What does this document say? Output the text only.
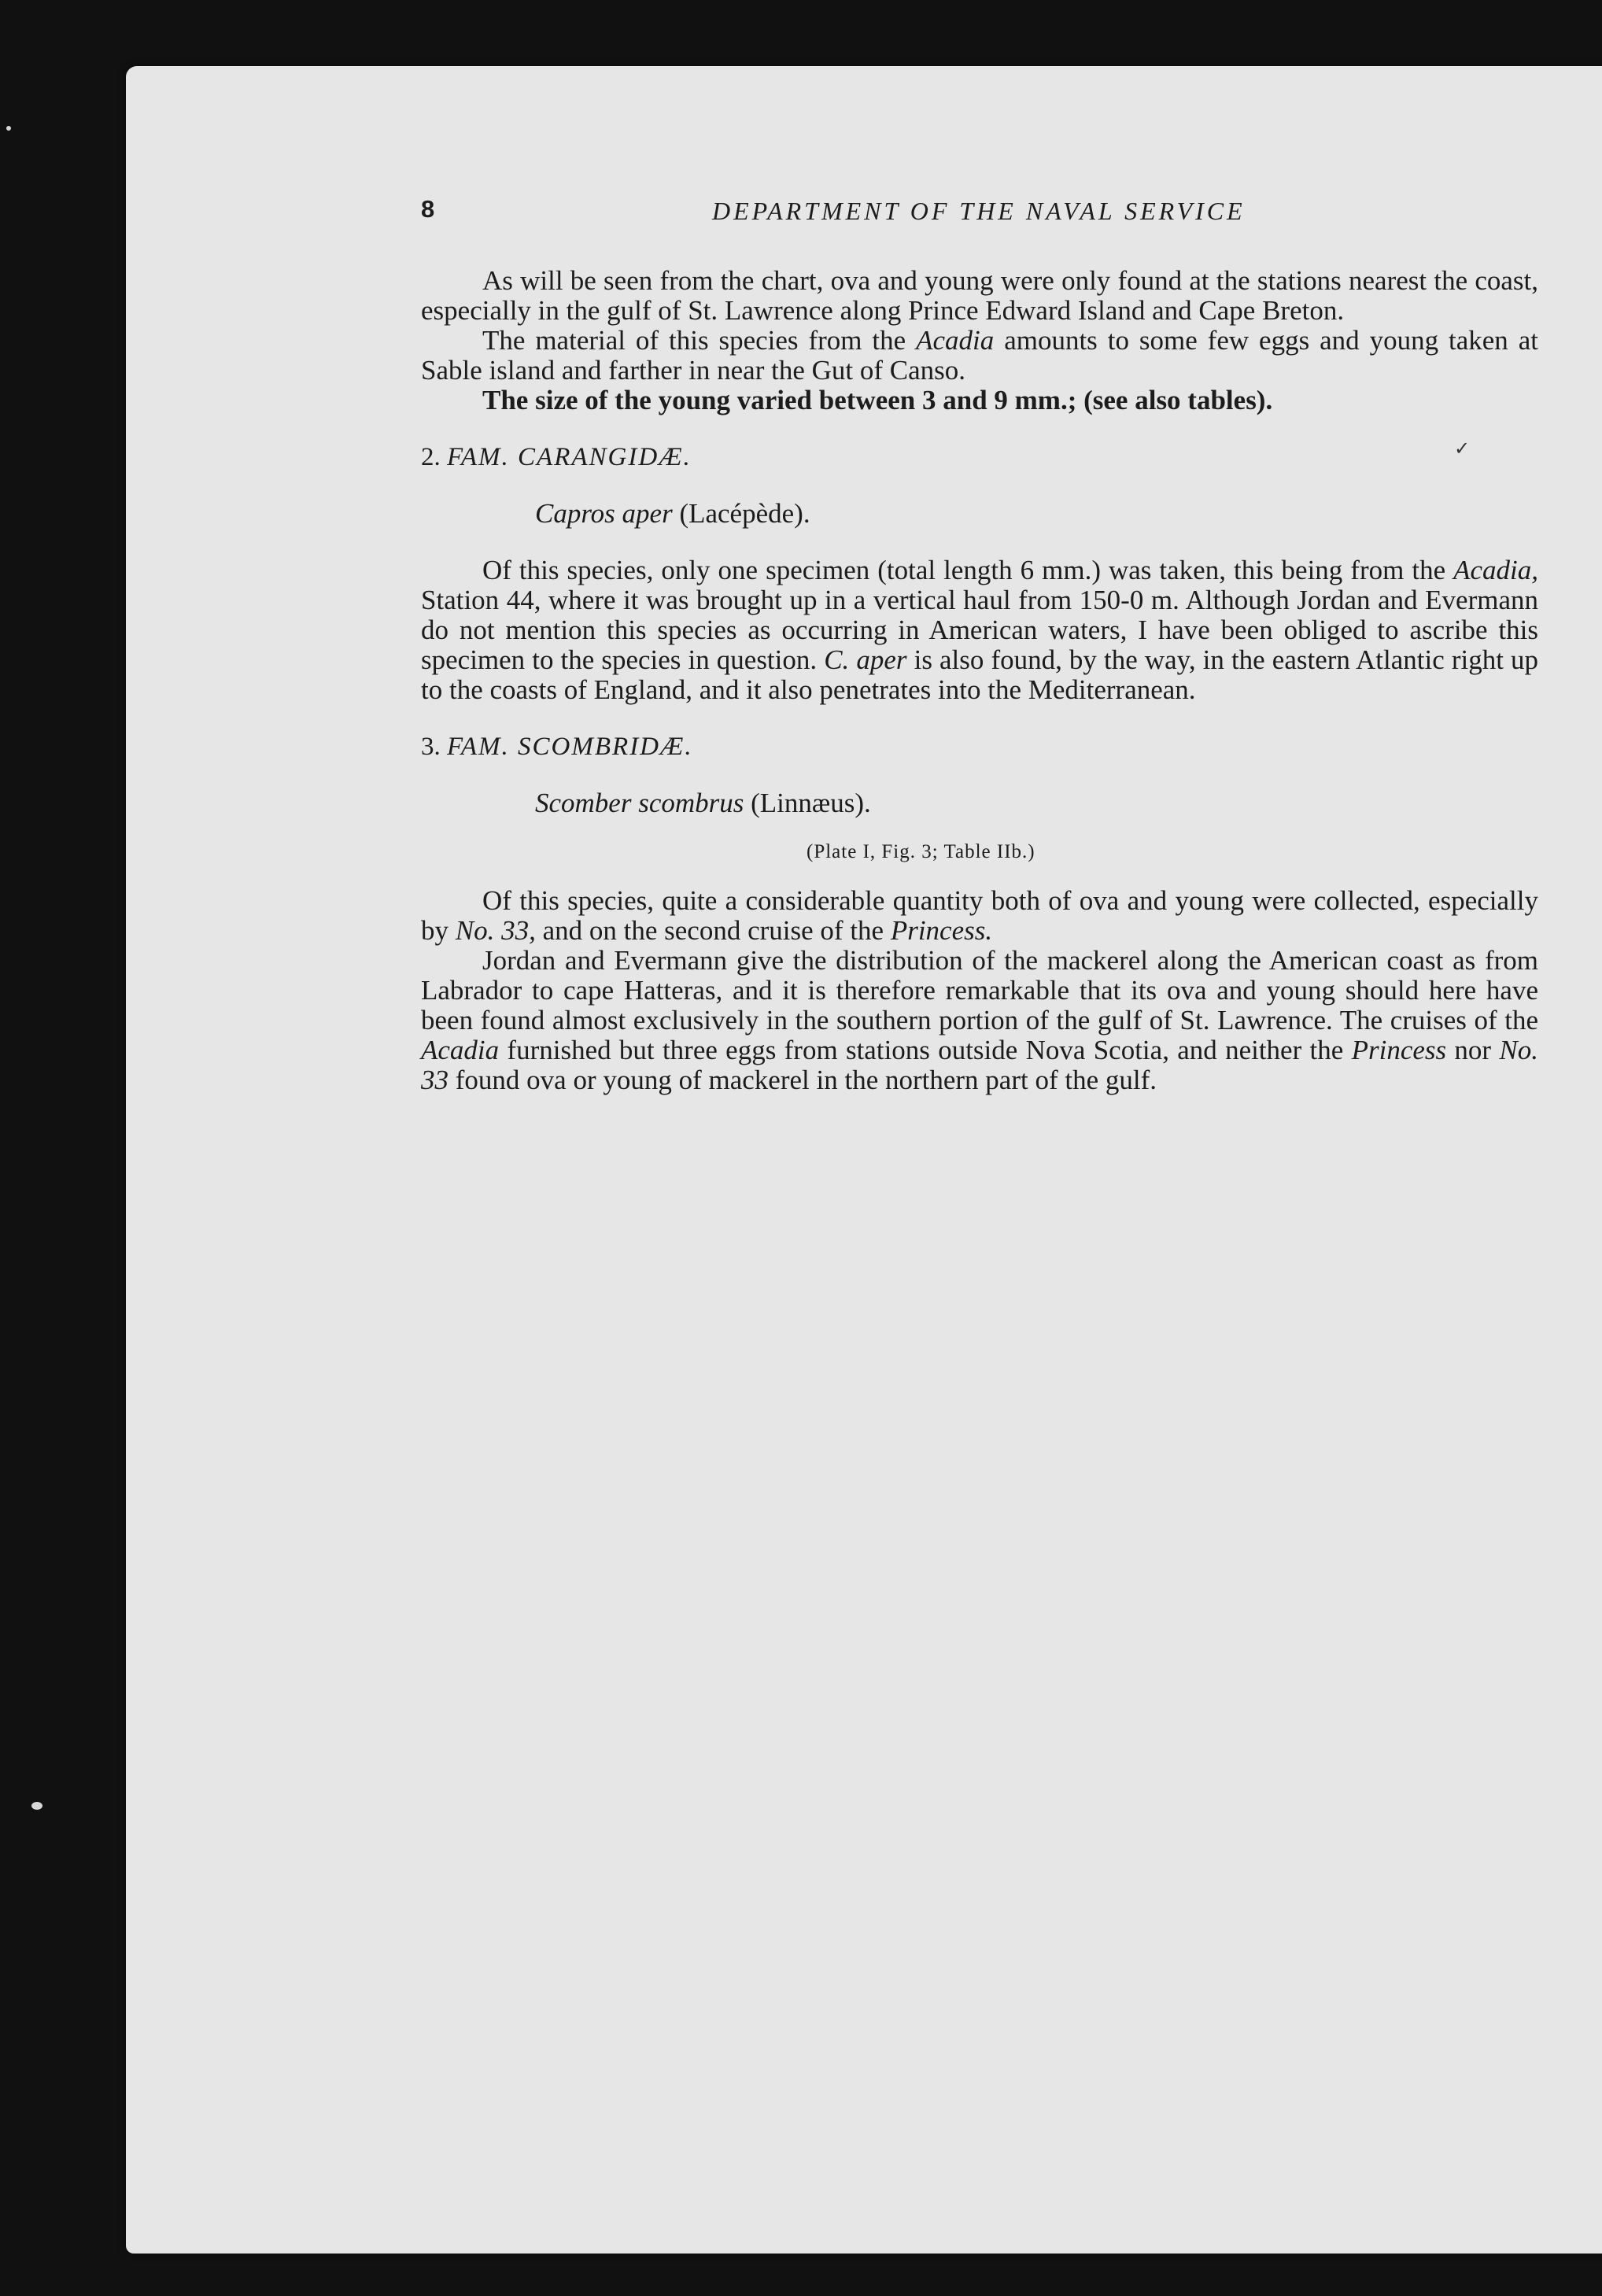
8	DEPARTMENT OF THE NAVAL SERVICE
✓

As will be seen from the chart, ova and young were only found at the stations nearest the coast, especially in the gulf of St. Lawrence along Prince Edward Island and Cape Breton.

The material of this species from the Acadia amounts to some few eggs and young taken at Sable island and farther in near the Gut of Canso.

The size of the young varied between 3 and 9 mm.; (see also tables).

2. FAM. CARANGIDÆ.

Capros aper (Lacépède).

Of this species, only one specimen (total length 6 mm.) was taken, this being from the Acadia, Station 44, where it was brought up in a vertical haul from 150-0 m. Although Jordan and Evermann do not mention this species as occurring in American waters, I have been obliged to ascribe this specimen to the species in question. C. aper is also found, by the way, in the eastern Atlantic right up to the coasts of England, and it also penetrates into the Mediterranean.

3. FAM. SCOMBRIDÆ.

Scomber scombrus (Linnæus).

(Plate I, Fig. 3; Table IIb.)

Of this species, quite a considerable quantity both of ova and young were collected, especially by No. 33, and on the second cruise of the Princess.

Jordan and Evermann give the distribution of the mackerel along the American coast as from Labrador to cape Hatteras, and it is therefore remarkable that its ova and young should here have been found almost exclusively in the southern portion of the gulf of St. Lawrence. The cruises of the Acadia furnished but three eggs from stations outside Nova Scotia, and neither the Princess nor No. 33 found ova or young of mackerel in the northern part of the gulf.
